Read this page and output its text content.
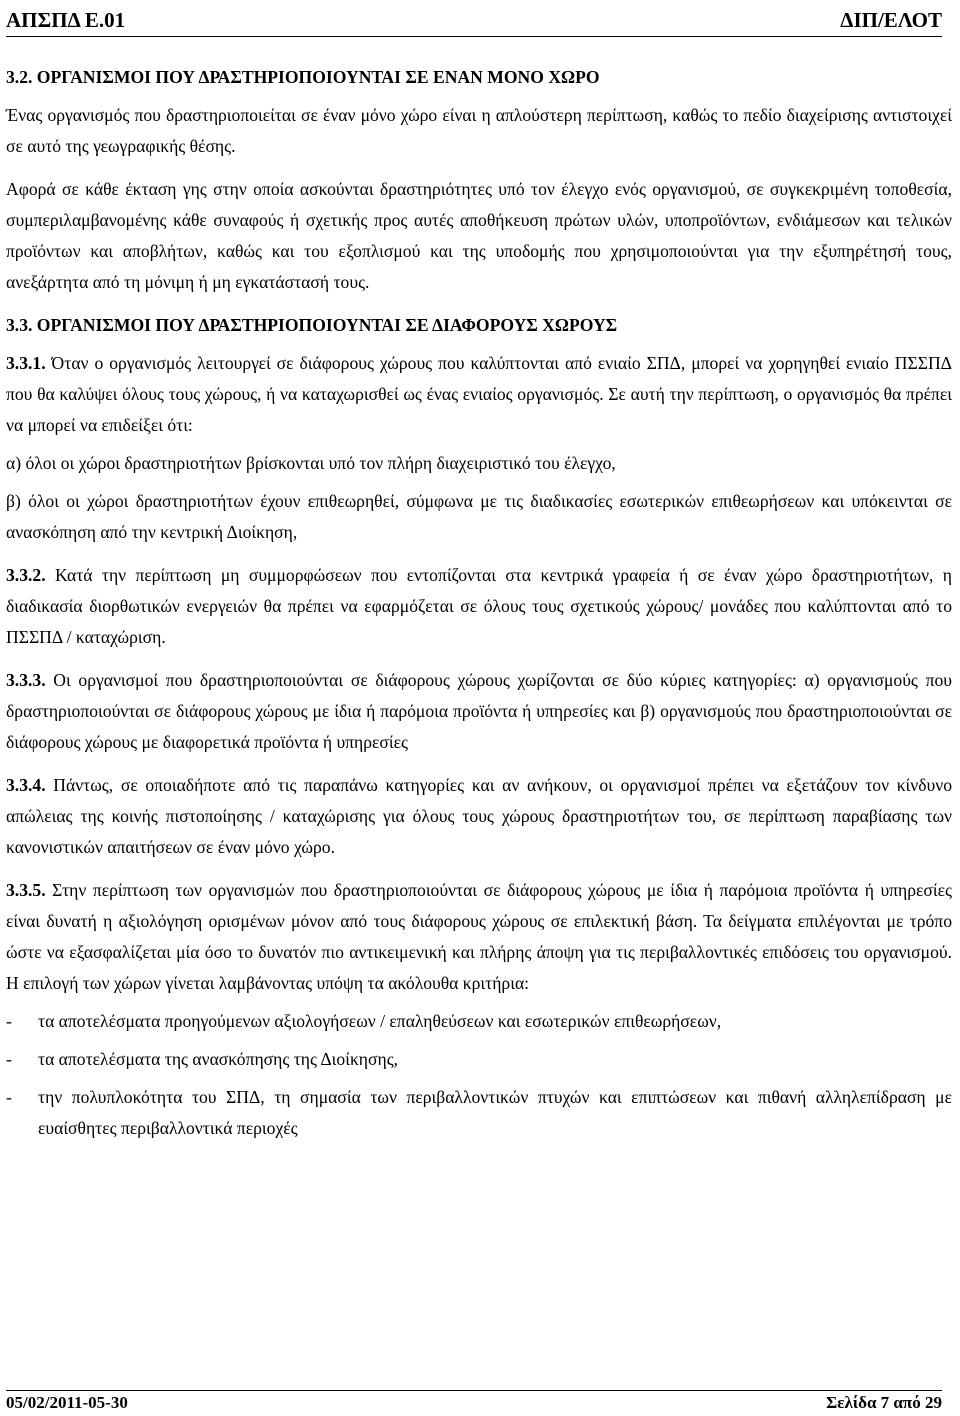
ΑΠΣΠΔ Ε.01	ΔΙΠ/ΕΛΟΤ

3.2. ΟΡΓΑΝΙΣΜΟΙ ΠΟΥ ΔΡΑΣΤΗΡΙΟΠΟΙΟΥΝΤΑΙ ΣΕ ΕΝΑΝ ΜΟΝΟ ΧΩΡΟ

Ένας οργανισμός που δραστηριοποιείται σε έναν μόνο χώρο είναι η απλούστερη περίπτωση, καθώς το πεδίο διαχείρισης αντιστοιχεί σε αυτό της γεωγραφικής θέσης.

Αφορά σε κάθε έκταση γης στην οποία ασκούνται δραστηριότητες υπό τον έλεγχο ενός οργανισμού, σε συγκεκριμένη τοποθεσία, συμπεριλαμβανομένης κάθε συναφούς ή σχετικής προς αυτές αποθήκευση πρώτων υλών, υποπροϊόντων, ενδιάμεσων και τελικών προϊόντων και αποβλήτων, καθώς και του εξοπλισμού και της υποδομής που χρησιμοποιούνται για την εξυπηρέτησή τους, ανεξάρτητα από τη μόνιμη ή μη εγκατάστασή τους.

3.3. ΟΡΓΑΝΙΣΜΟΙ ΠΟΥ ΔΡΑΣΤΗΡΙΟΠΟΙΟΥΝΤΑΙ ΣΕ ΔΙΑΦΟΡΟΥΣ ΧΩΡΟΥΣ

3.3.1. Όταν ο οργανισμός λειτουργεί σε διάφορους χώρους που καλύπτονται από ενιαίο ΣΠΔ, μπορεί να χορηγηθεί ενιαίο ΠΣΣΠΔ που θα καλύψει όλους τους χώρους, ή να καταχωρισθεί ως ένας ενιαίος οργανισμός. Σε αυτή την περίπτωση, ο οργανισμός θα πρέπει να μπορεί να επιδείξει ότι:

α) όλοι οι χώροι δραστηριοτήτων βρίσκονται υπό τον πλήρη διαχειριστικό του έλεγχο,

β) όλοι οι χώροι δραστηριοτήτων έχουν επιθεωρηθεί, σύμφωνα με τις διαδικασίες εσωτερικών επιθεωρήσεων και υπόκεινται σε ανασκόπηση από την κεντρική Διοίκηση,

3.3.2. Κατά την περίπτωση μη συμμορφώσεων που εντοπίζονται στα κεντρικά γραφεία ή σε έναν χώρο δραστηριοτήτων, η διαδικασία διορθωτικών ενεργειών θα πρέπει να εφαρμόζεται σε όλους τους σχετικούς χώρους/ μονάδες που καλύπτονται από το ΠΣΣΠΔ / καταχώριση.

3.3.3. Οι οργανισμοί που δραστηριοποιούνται σε διάφορους χώρους χωρίζονται σε δύο κύριες κατηγορίες: α) οργανισμούς που δραστηριοποιούνται σε διάφορους χώρους με ίδια ή παρόμοια προϊόντα ή υπηρεσίες και β) οργανισμούς που δραστηριοποιούνται σε διάφορους χώρους με διαφορετικά προϊόντα ή υπηρεσίες

3.3.4. Πάντως, σε οποιαδήποτε από τις παραπάνω κατηγορίες και αν ανήκουν, οι οργανισμοί πρέπει να εξετάζουν τον κίνδυνο απώλειας της κοινής πιστοποίησης / καταχώρισης για όλους τους χώρους δραστηριοτήτων του, σε περίπτωση παραβίασης των κανονιστικών απαιτήσεων σε έναν μόνο χώρο.

3.3.5. Στην περίπτωση των οργανισμών που δραστηριοποιούνται σε διάφορους χώρους με ίδια ή παρόμοια προϊόντα ή υπηρεσίες είναι δυνατή η αξιολόγηση ορισμένων μόνον από τους διάφορους χώρους σε επιλεκτική βάση. Τα δείγματα επιλέγονται με τρόπο ώστε να εξασφαλίζεται μία όσο το δυνατόν πιο αντικειμενική και πλήρης άποψη για τις περιβαλλοντικές επιδόσεις του οργανισμού. Η επιλογή των χώρων γίνεται λαμβάνοντας υπόψη τα ακόλουθα κριτήρια:

-	τα αποτελέσματα προηγούμενων αξιολογήσεων / επαληθεύσεων και εσωτερικών επιθεωρήσεων,
-	τα αποτελέσματα της ανασκόπησης της Διοίκησης,
-	την πολυπλοκότητα του ΣΠΔ, τη σημασία των περιβαλλοντικών πτυχών και επιπτώσεων και πιθανή αλληλεπίδραση με ευαίσθητες περιβαλλοντικά περιοχές
05/02/2011-05-30	Σελίδα 7 από 29
